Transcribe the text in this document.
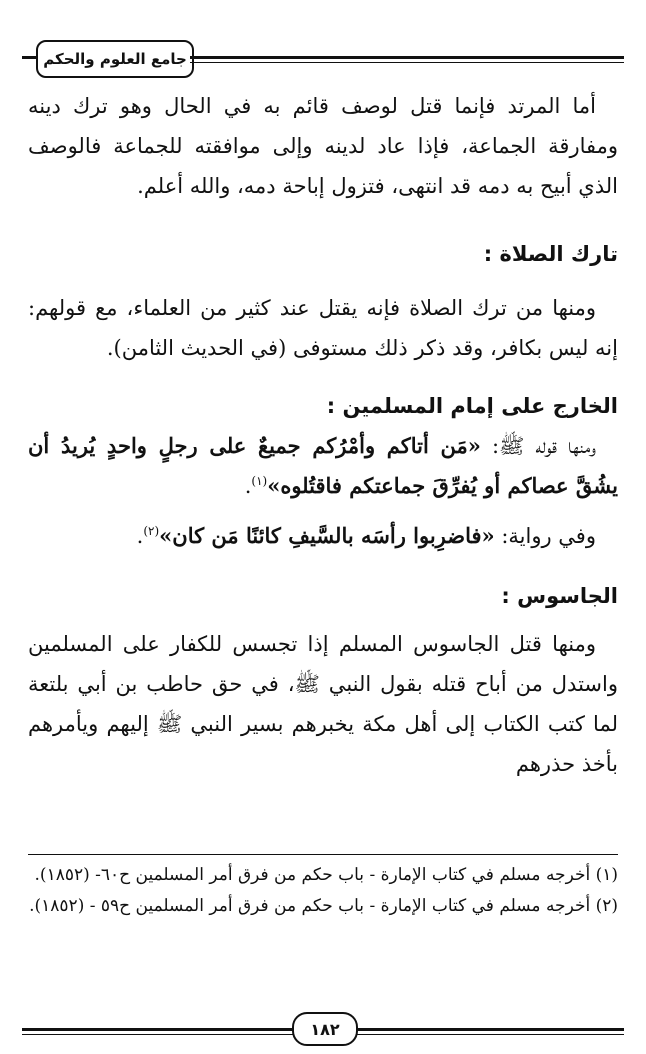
جامع العلوم والحكم

أما المرتد فإنما قتل لوصف قائم به في الحال وهو ترك دينه ومفارقة الجماعة، فإذا عاد لدينه وإلى موافقته للجماعة فالوصف الذي أبيح به دمه قد انتهى، فتزول إباحة دمه، والله أعلم.

تارك الصلاة :

ومنها من ترك الصلاة فإنه يقتل عند كثير من العلماء، مع قولهم: إنه ليس بكافر، وقد ذكر ذلك مستوفى (في الحديث الثامن).

الخارج على إمام المسلمين :

ومنها قوله ﷺ: «مَن أتاكم وأمْرُكم جميعٌ على رجلٍ واحدٍ يُريدُ أن يشُقَّ عصاكم أو يُفرِّقَ جماعتكم فاقتُلوه»$^{(١)}$.

وفي رواية: «فاضرِبوا رأسَه بالسَّيفِ كائنًا مَن كان»$^{(٢)}$.

الجاسوس :

ومنها قتل الجاسوس المسلم إذا تجسس للكفار على المسلمين واستدل من أباح قتله بقول النبي ﷺ، في حق حاطب بن أبي بلتعة لما كتب الكتاب إلى أهل مكة يخبرهم بسير النبي ﷺ إليهم ويأمرهم بأخذ حذرهم

(١) أخرجه مسلم في كتاب الإمارة - باب حكم من فرق أمر المسلمين ح٦٠- (١٨٥٢).

(٢) أخرجه مسلم في كتاب الإمارة - باب حكم من فرق أمر المسلمين ح٥٩ - (١٨٥٢).

١٨٢
